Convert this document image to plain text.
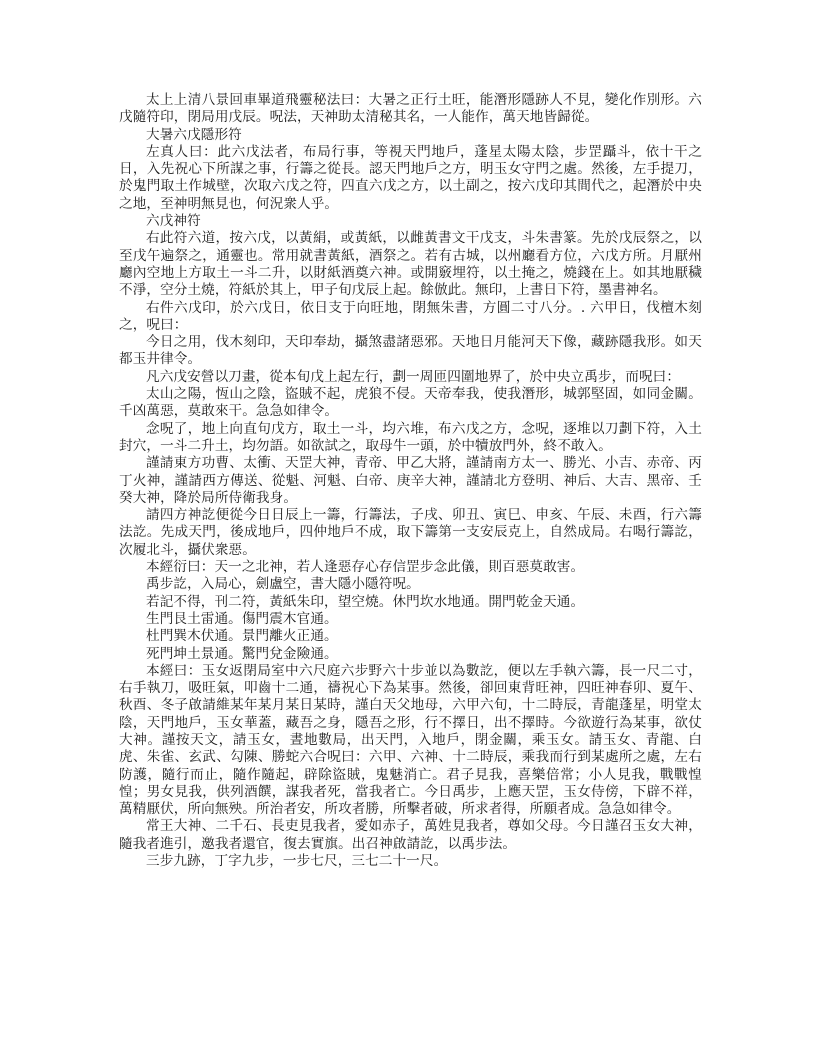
太上上清八景回車畢道飛靈秘法曰：大暑之正行土旺，能潛形隱跡人不見，變化作別形。六戊隨符印，閉局用戊辰。呪法，天神助太清秘其名，一人能作，萬天地皆歸從。

大暑六戊隱形符

左真人曰：此六戊法者，布局行事，等視天門地戶，蓬星太陽太陰，步罡躡斗，依十干之日，入先祝心下所謀之事，行籌之從長。認天門地戶之方，明玉女守門之處。然後，左手提刀，於鬼門取土作城壁，次取六戊之符，四直六戊之方，以土副之，按六戊印其間代之，起潛於中央之地，至神明無見也，何況衆人乎。

六戊神符

右此符六道，按六戊，以黃絹，或黃紙，以雌黃書文干戊支，斗朱書篆。先於戊辰祭之，以至戊午遍祭之，通靈也。常用就書黃紙，酒祭之。若有古城，以州廳看方位，六戊方所。月厭州廳內空地上方取土一斗二升，以財紙酒奠六神。或開竅埋符，以土掩之，燒錢在上。如其地厭穢不淨，空分土燒，符紙於其上，甲子旬戊辰上起。餘倣此。無印，上書日下符，墨書神名。

右件六戊印，於六戊日，依日支于向旺地，閉無朱書，方圓二寸八分。. 六甲日，伐檀木刻之，呪曰：

今日之用，伐木刻印，天印奉劫，攝煞盡諸惡邪。天地日月能河天下像，藏跡隱我形。如天都玉井律令。

凡六戊安營以刀畫，從本旬戊上起左行，劃一周匝四圍地界了，於中央立禹步，而呪曰：

太山之陽，恆山之陰，盜賊不起，虎狼不侵。天帝奉我，使我潛形，城郭堅固，如同金關。千凶萬惡，莫敢來干。急急如律令。

念呪了，地上向直句戊方，取土一斗，均六堆，布六戊之方，念呪，逐堆以刀劃下符，入土封穴，一斗二升土，均勿語。如欲試之，取母牛一頭，於中犢放門外，終不敢入。

謹請東方功曹、太衝、天罡大神，青帝、甲乙大將，謹請南方太一、勝光、小吉、赤帝、丙丁火神，謹請西方傳送、從魁、河魁、白帝、庚辛大神，謹請北方登明、神后、大吉、黑帝、壬癸大神，降於局所侍衛我身。

請四方神訖便從今日日辰上一籌，行籌法，子戌、卯丑、寅巳、申亥、午辰、未酉，行六籌法訖。先成天門，後成地戶，四仲地戶不成，取下籌第一支安辰克上，自然成局。右喝行籌訖，次履北斗，攝伏衆惡。

本經衍曰：天一之北神，若人逢惡存心存信罡步念此儀，則百惡莫敢害。

禹步訖，入局心，劍盧空，書大隱小隱符呪。

若記不得，刊二符，黃紙朱印，望空燒。休門坎水地通。開門乾金天通。

生門艮土雷通。傷門震木官通。

杜門巽木伏通。景門離火正通。

死門坤土景通。驚門兌金險通。

本經曰：玉女返閉局室中六尺庭六步野六十步並以為數訖，便以左手執六籌，長一尺二寸，右手執刀，吸旺氣，叩齒十二通，禱祝心下為某事。然後，卻回東背旺神，四旺神春卯、夏午、秋酉、冬子啟請維某年某月某日某時，謹白天父地母，六甲六旬，十二時辰，青龍蓬星，明堂太陰，天門地戶，玉女華蓋，藏吾之身，隱吾之形，行不擇日，出不擇時。今欲遊行為某事，欲仗大神。謹按天文，請玉女，晝地數局，出天門，入地戶，閉金關，乘玉女。請玉女、青龍、白虎、朱雀、玄武、勾陳、勝蛇六合呪曰：六甲、六神、十二時辰，乘我而行到某處所之處，左右防護，隨行而止，隨作隨起，辟除盜賊，鬼魅消亡。君子見我，喜樂倍常；小人見我，戰戰惶惶；男女見我，供列酒饌，謀我者死，當我者亡。今日禹步，上應天罡，玉女侍傍，下辟不祥，萬精厭伏，所向無殃。所治者安，所攻者勝，所擊者破，所求者得，所願者成。急急如律令。

常王大神、二千石、長吏見我者，愛如赤子，萬姓見我者，尊如父母。今日謹召玉女大神，隨我者進引，邀我者還官，復去實旗。出召神啟請訖，以禹步法。

三步九跡，丁字九步，一步七尺，三七二十一尺。
